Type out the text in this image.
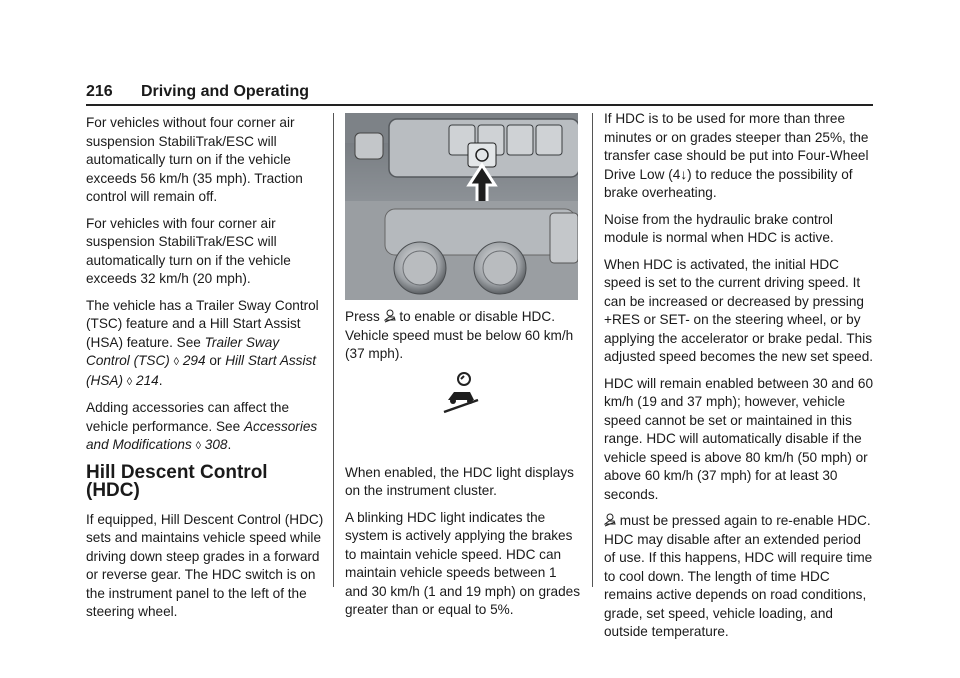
216 Driving and Operating

For vehicles without four corner air suspension StabiliTrak/ESC will automatically turn on if the vehicle exceeds 56 km/h (35 mph). Traction control will remain off.

For vehicles with four corner air suspension StabiliTrak/ESC will automatically turn on if the vehicle exceeds 32 km/h (20 mph).

The vehicle has a Trailer Sway Control (TSC) feature and a Hill Start Assist (HSA) feature. See Trailer Sway Control (TSC) ◊ 294 or Hill Start Assist (HSA) ◊ 214.

Adding accessories can affect the vehicle performance. See Accessories and Modifications ◊ 308.

Hill Descent Control (HDC)

If equipped, Hill Descent Control (HDC) sets and maintains vehicle speed while driving down steep grades in a forward or reverse gear. The HDC switch is on the instrument panel to the left of the steering wheel.

Press to enable or disable HDC. Vehicle speed must be below 60 km/h (37 mph).

When enabled, the HDC light displays on the instrument cluster.

A blinking HDC light indicates the system is actively applying the brakes to maintain vehicle speed. HDC can maintain vehicle speeds between 1 and 30 km/h (1 and 19 mph) on grades greater than or equal to 5%.

If HDC is to be used for more than three minutes or on grades steeper than 25%, the transfer case should be put into Four-Wheel Drive Low (4↓) to reduce the possibility of brake overheating.

Noise from the hydraulic brake control module is normal when HDC is active.

When HDC is activated, the initial HDC speed is set to the current driving speed. It can be increased or decreased by pressing +RES or SET- on the steering wheel, or by applying the accelerator or brake pedal. This adjusted speed becomes the new set speed.

HDC will remain enabled between 30 and 60 km/h (19 and 37 mph); however, vehicle speed cannot be set or maintained in this range. HDC will automatically disable if the vehicle speed is above 80 km/h (50 mph) or above 60 km/h (37 mph) for at least 30 seconds.

must be pressed again to re-enable HDC. HDC may disable after an extended period of use. If this happens, HDC will require time to cool down. The length of time HDC remains active depends on road conditions, grade, set speed, vehicle loading, and outside temperature.
